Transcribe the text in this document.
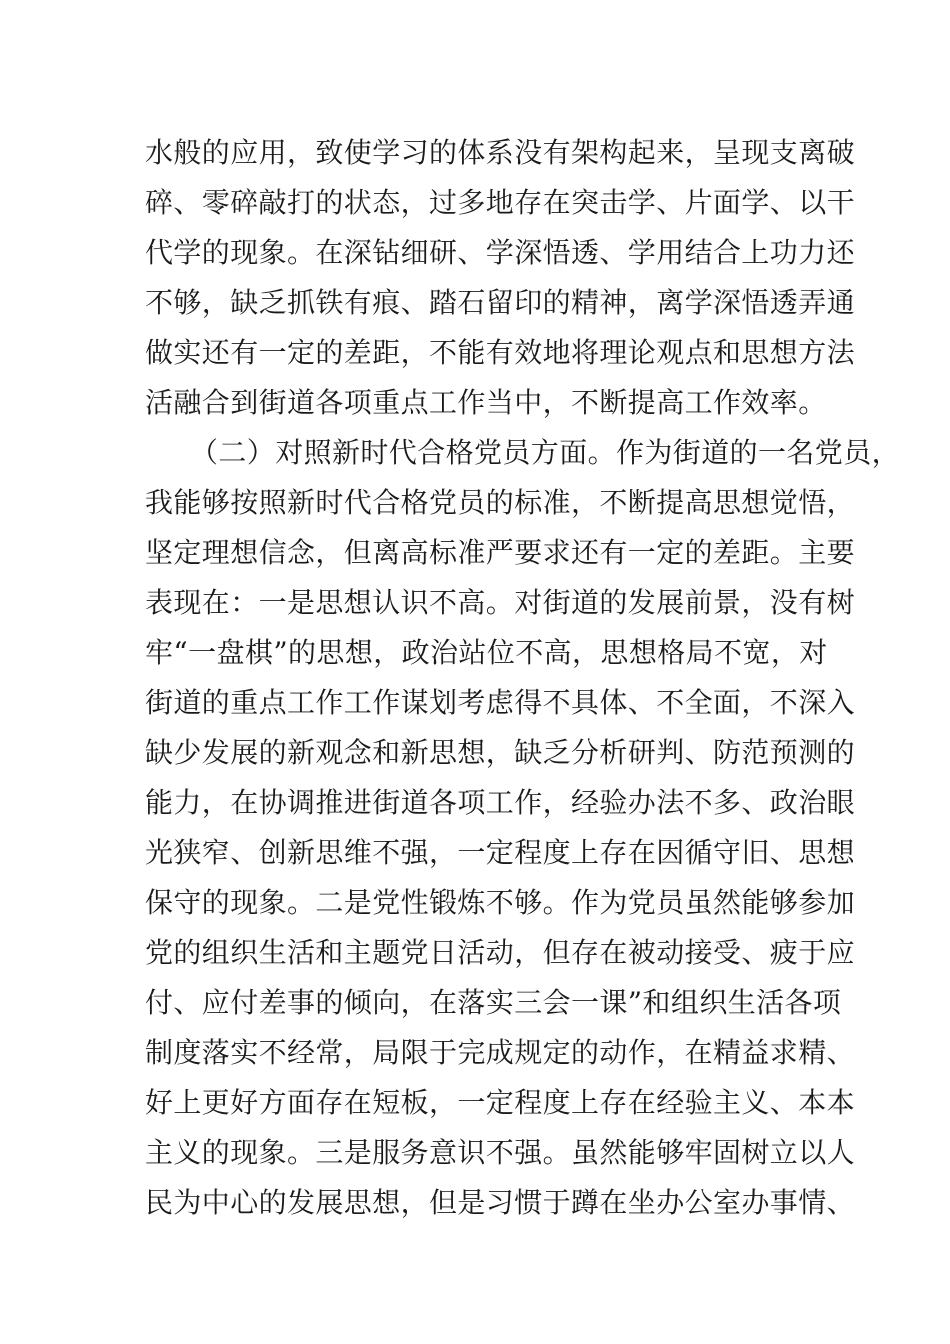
水般的应用，致使学习的体系没有架构起来，呈现支离破
碎、零碎敲打的状态，过多地存在突击学、片面学、以干
代学的现象。在深钻细研、学深悟透、学用结合上功力还
不够，缺乏抓铁有痕、踏石留印的精神，离学深悟透弄通
做实还有一定的差距，不能有效地将理论观点和思想方法
活融合到街道各项重点工作当中，不断提高工作效率。
（二）对照新时代合格党员方面。作为街道的一名党员，
我能够按照新时代合格党员的标准，不断提高思想觉悟，
坚定理想信念，但离高标准严要求还有一定的差距。主要
表现在：一是思想认识不高。对街道的发展前景，没有树
牢“一盘棋”的思想，政治站位不高，思想格局不宽，对
街道的重点工作工作谋划考虑得不具体、不全面，不深入
缺少发展的新观念和新思想，缺乏分析研判、防范预测的
能力，在协调推进街道各项工作，经验办法不多、政治眼
光狭窄、创新思维不强，一定程度上存在因循守旧、思想
保守的现象。二是党性锻炼不够。作为党员虽然能够参加
党的组织生活和主题党日活动，但存在被动接受、疲于应
付、应付差事的倾向，在落实三会一课”和组织生活各项
制度落实不经常，局限于完成规定的动作，在精益求精、
好上更好方面存在短板，一定程度上存在经验主义、本本
主义的现象。三是服务意识不强。虽然能够牢固树立以人
民为中心的发展思想，但是习惯于蹲在坐办公室办事情、
